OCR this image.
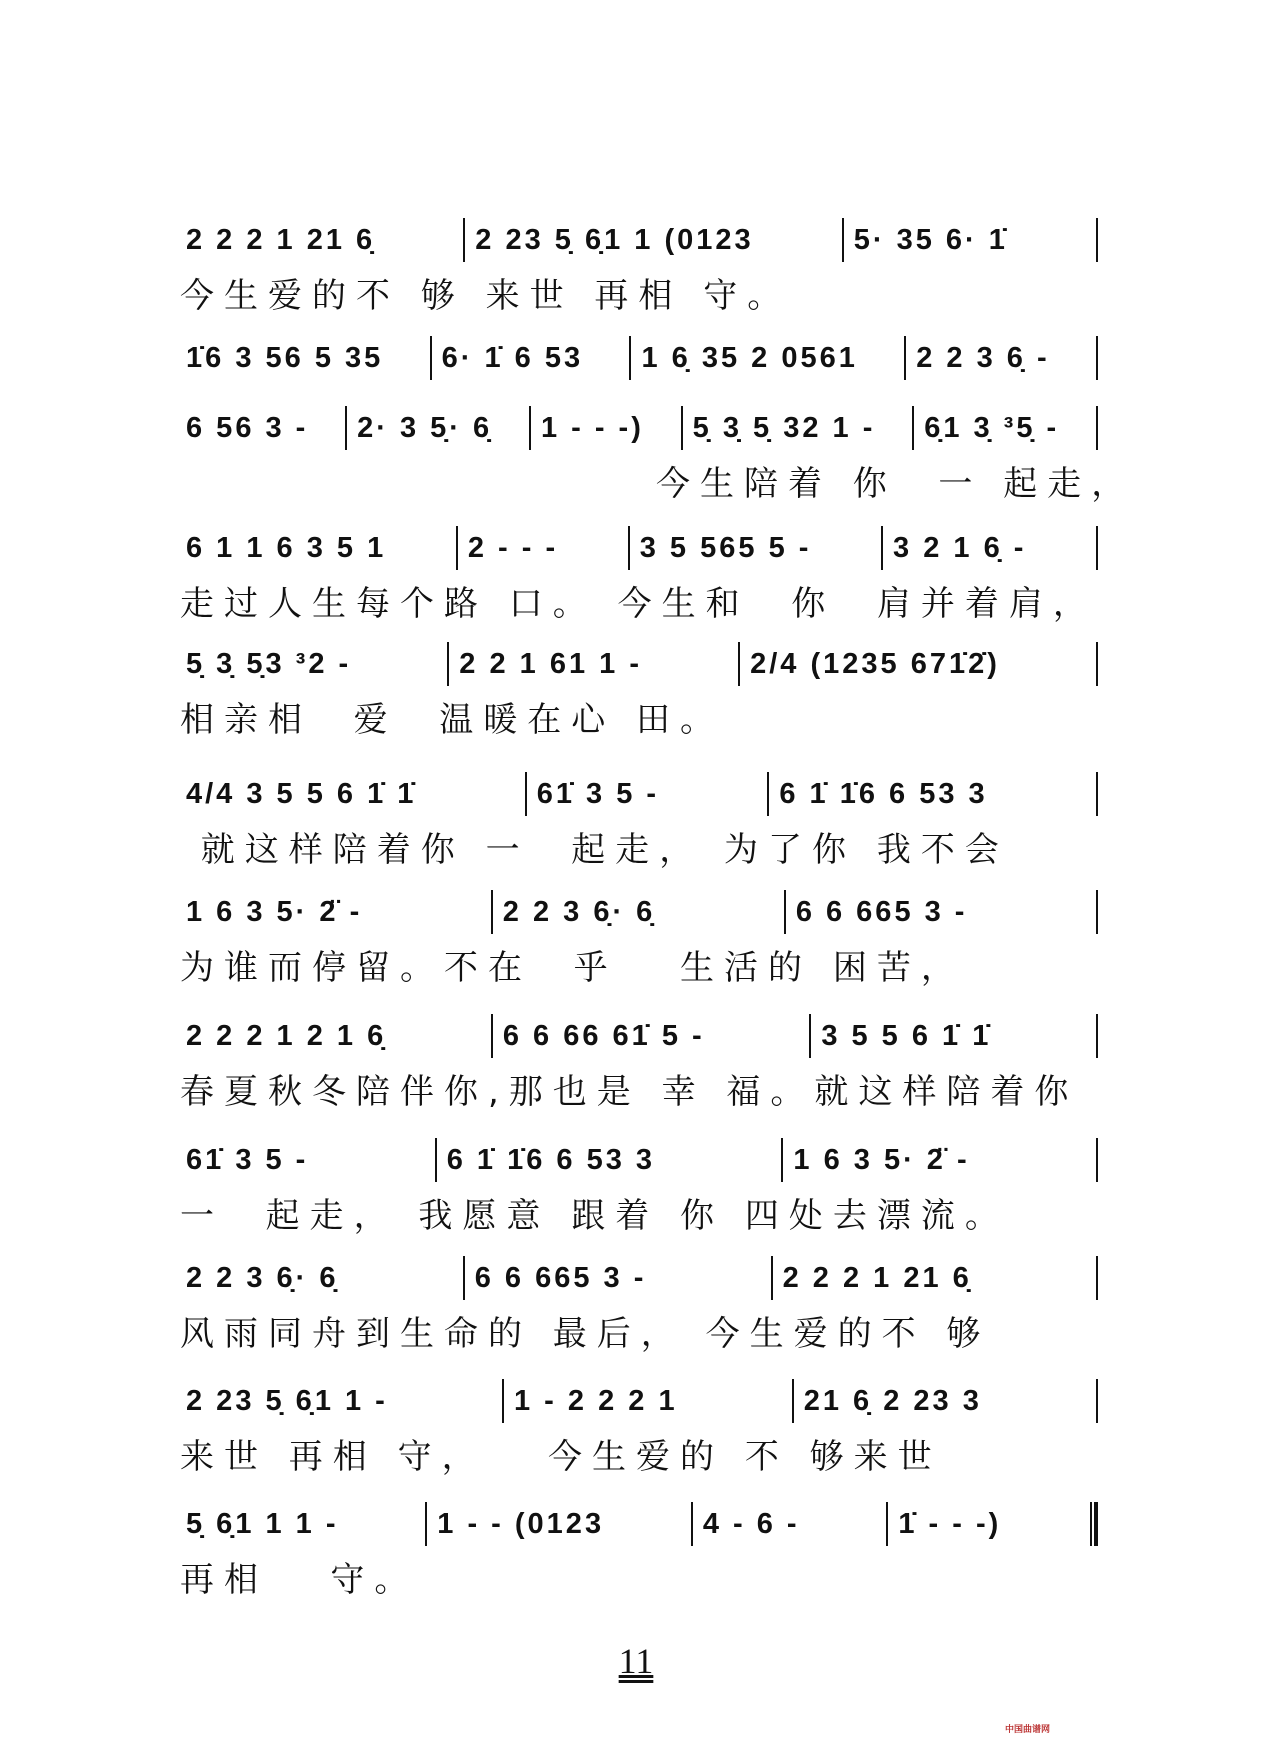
2 2 2 1 21 6̣	2 23 5̣ 6̣1 1 (0123	5· 35 6· 1̇
今生爱的不 够 来世 再相 守。
1̇6 3 56 5 35	6· 1̇ 6 53	1 6̣ 35 2 0561	2 2 3 6̣ -
6 56 3 -	2· 3 5̣· 6̣	1 - - -)	5̣ 3̣ 5̣ 32 1 -	6̣1 3̣ ³5̣ -
今生陪着 你  一 起走，
6 1 1 6 3 5 1	2 - - -	3 5 565 5 -	3 2 1 6̣ -
走过人生每个路 口。 今生和  你  肩并着肩，
5̣ 3̣ 5̣3 ³2 -	2 2 1 61 1 -	2/4 (1235 671̇2̇)
相亲相  爱  温暖在心 田。
4/4 3 5 5 6 1̇ 1̇	61̇ 3 5 -	6 1̇ 1̇6 6 53 3
就这样陪着你 一  起走， 为了你 我不会
1 6 3 5· 2̈ -	2 2 3 6̣· 6̣	6 6 665 3 -
为谁而停留。不在  乎   生活的 困苦，
2 2 2 1 2 1 6̣	6 6 66 61̇ 5 -	3 5 5 6 1̇ 1̇
春夏秋冬陪伴你,那也是 幸 福。就这样陪着你
61̇ 3 5 -	6 1̇ 1̇6 6 53 3	1 6 3 5· 2̈ -
一  起走， 我愿意 跟着 你 四处去漂流。
2 2 3 6̣· 6̣	6 6 665 3 -	2 2 2 1 21 6̣
风雨同舟到生命的 最后， 今生爱的不 够
2 23 5̣ 6̣1 1 -	1 - 2 2 2 1	21 6̣ 2 23 3
来世 再相 守，   今生爱的 不 够来世
5̣ 6̣1 1 1 -	1 - - (0123	4 - 6 -	1̇ - - -)
再相   守。
11
中国曲谱网
